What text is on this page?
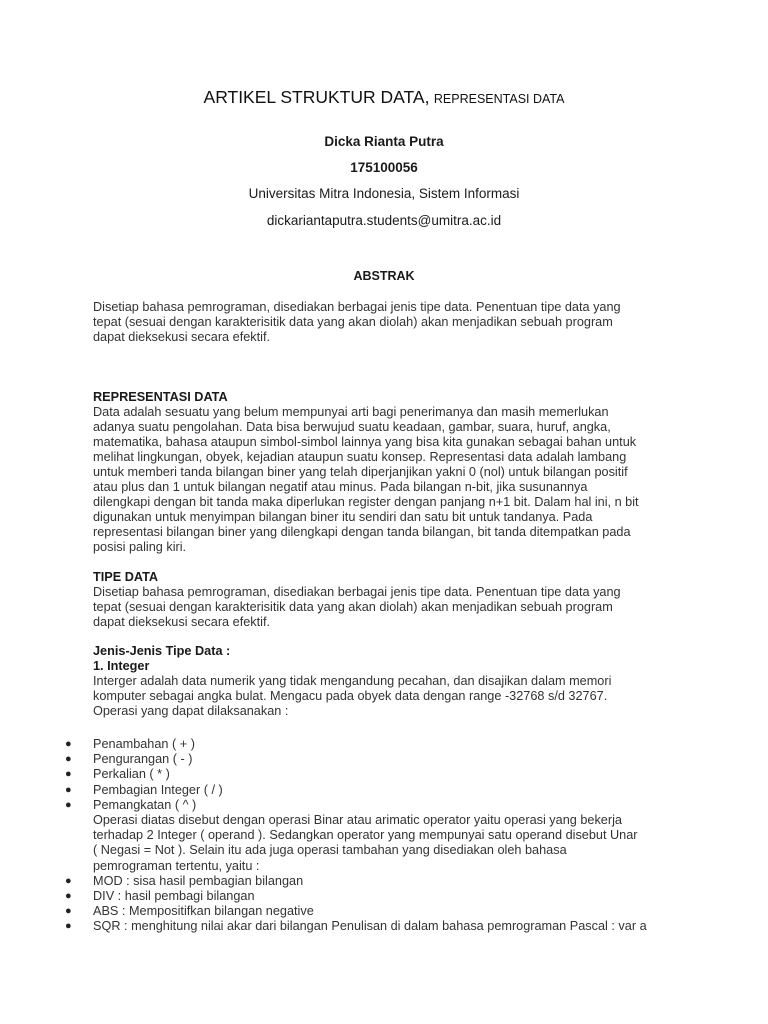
ARTIKEL STRUKTUR DATA, REPRESENTASI DATA
Dicka Rianta Putra
175100056
Universitas Mitra Indonesia, Sistem Informasi
dickariantaputra.students@umitra.ac.id
ABSTRAK

Disetiap bahasa pemrograman, disediakan berbagai jenis tipe data. Penentuan tipe data yang

tepat (sesuai dengan karakterisitik data yang akan diolah) akan menjadikan sebuah program

dapat dieksekusi secara efektif.

REPRESENTASI DATA

Data adalah sesuatu yang belum mempunyai arti bagi penerimanya dan masih memerlukan

adanya suatu pengolahan. Data bisa berwujud suatu keadaan, gambar, suara, huruf, angka,

matematika, bahasa ataupun simbol-simbol lainnya yang bisa kita gunakan sebagai bahan untuk

melihat lingkungan, obyek, kejadian ataupun suatu konsep. Representasi data adalah lambang

untuk memberi tanda bilangan biner yang telah diperjanjikan yakni 0 (nol) untuk bilangan positif

atau plus dan 1 untuk bilangan negatif atau minus. Pada bilangan n-bit, jika susunannya

dilengkapi dengan bit tanda maka diperlukan register dengan panjang n+1 bit. Dalam hal ini, n bit

digunakan untuk menyimpan bilangan biner itu sendiri dan satu bit untuk tandanya. Pada

representasi bilangan biner yang dilengkapi dengan tanda bilangan, bit tanda ditempatkan pada

posisi paling kiri.

TIPE DATA

Disetiap bahasa pemrograman, disediakan berbagai jenis tipe data. Penentuan tipe data yang

tepat (sesuai dengan karakterisitik data yang akan diolah) akan menjadikan sebuah program

dapat dieksekusi secara efektif.

Jenis-Jenis Tipe Data :

1. Integer

Interger adalah data numerik yang tidak mengandung pecahan, dan disajikan dalam memori

komputer sebagai angka bulat. Mengacu pada obyek data dengan range -32768 s/d 32767.

Operasi yang dapat dilaksanakan :

● Penambahan ( + )
● Pengurangan ( - )
● Perkalian ( * )
● Pembagian Integer ( / )
● Pemangkatan ( ^ )

Operasi diatas disebut dengan operasi Binar atau arimatic operator yaitu operasi yang bekerja

terhadap 2 Integer ( operand ). Sedangkan operator yang mempunyai satu operand disebut Unar

( Negasi = Not ). Selain itu ada juga operasi tambahan yang disediakan oleh bahasa

pemrograman tertentu, yaitu :

● MOD : sisa hasil pembagian bilangan
● DIV : hasil pembagi bilangan
● ABS : Mempositifkan bilangan negative
● SQR : menghitung nilai akar dari bilangan Penulisan di dalam bahasa pemrograman Pascal : var a
